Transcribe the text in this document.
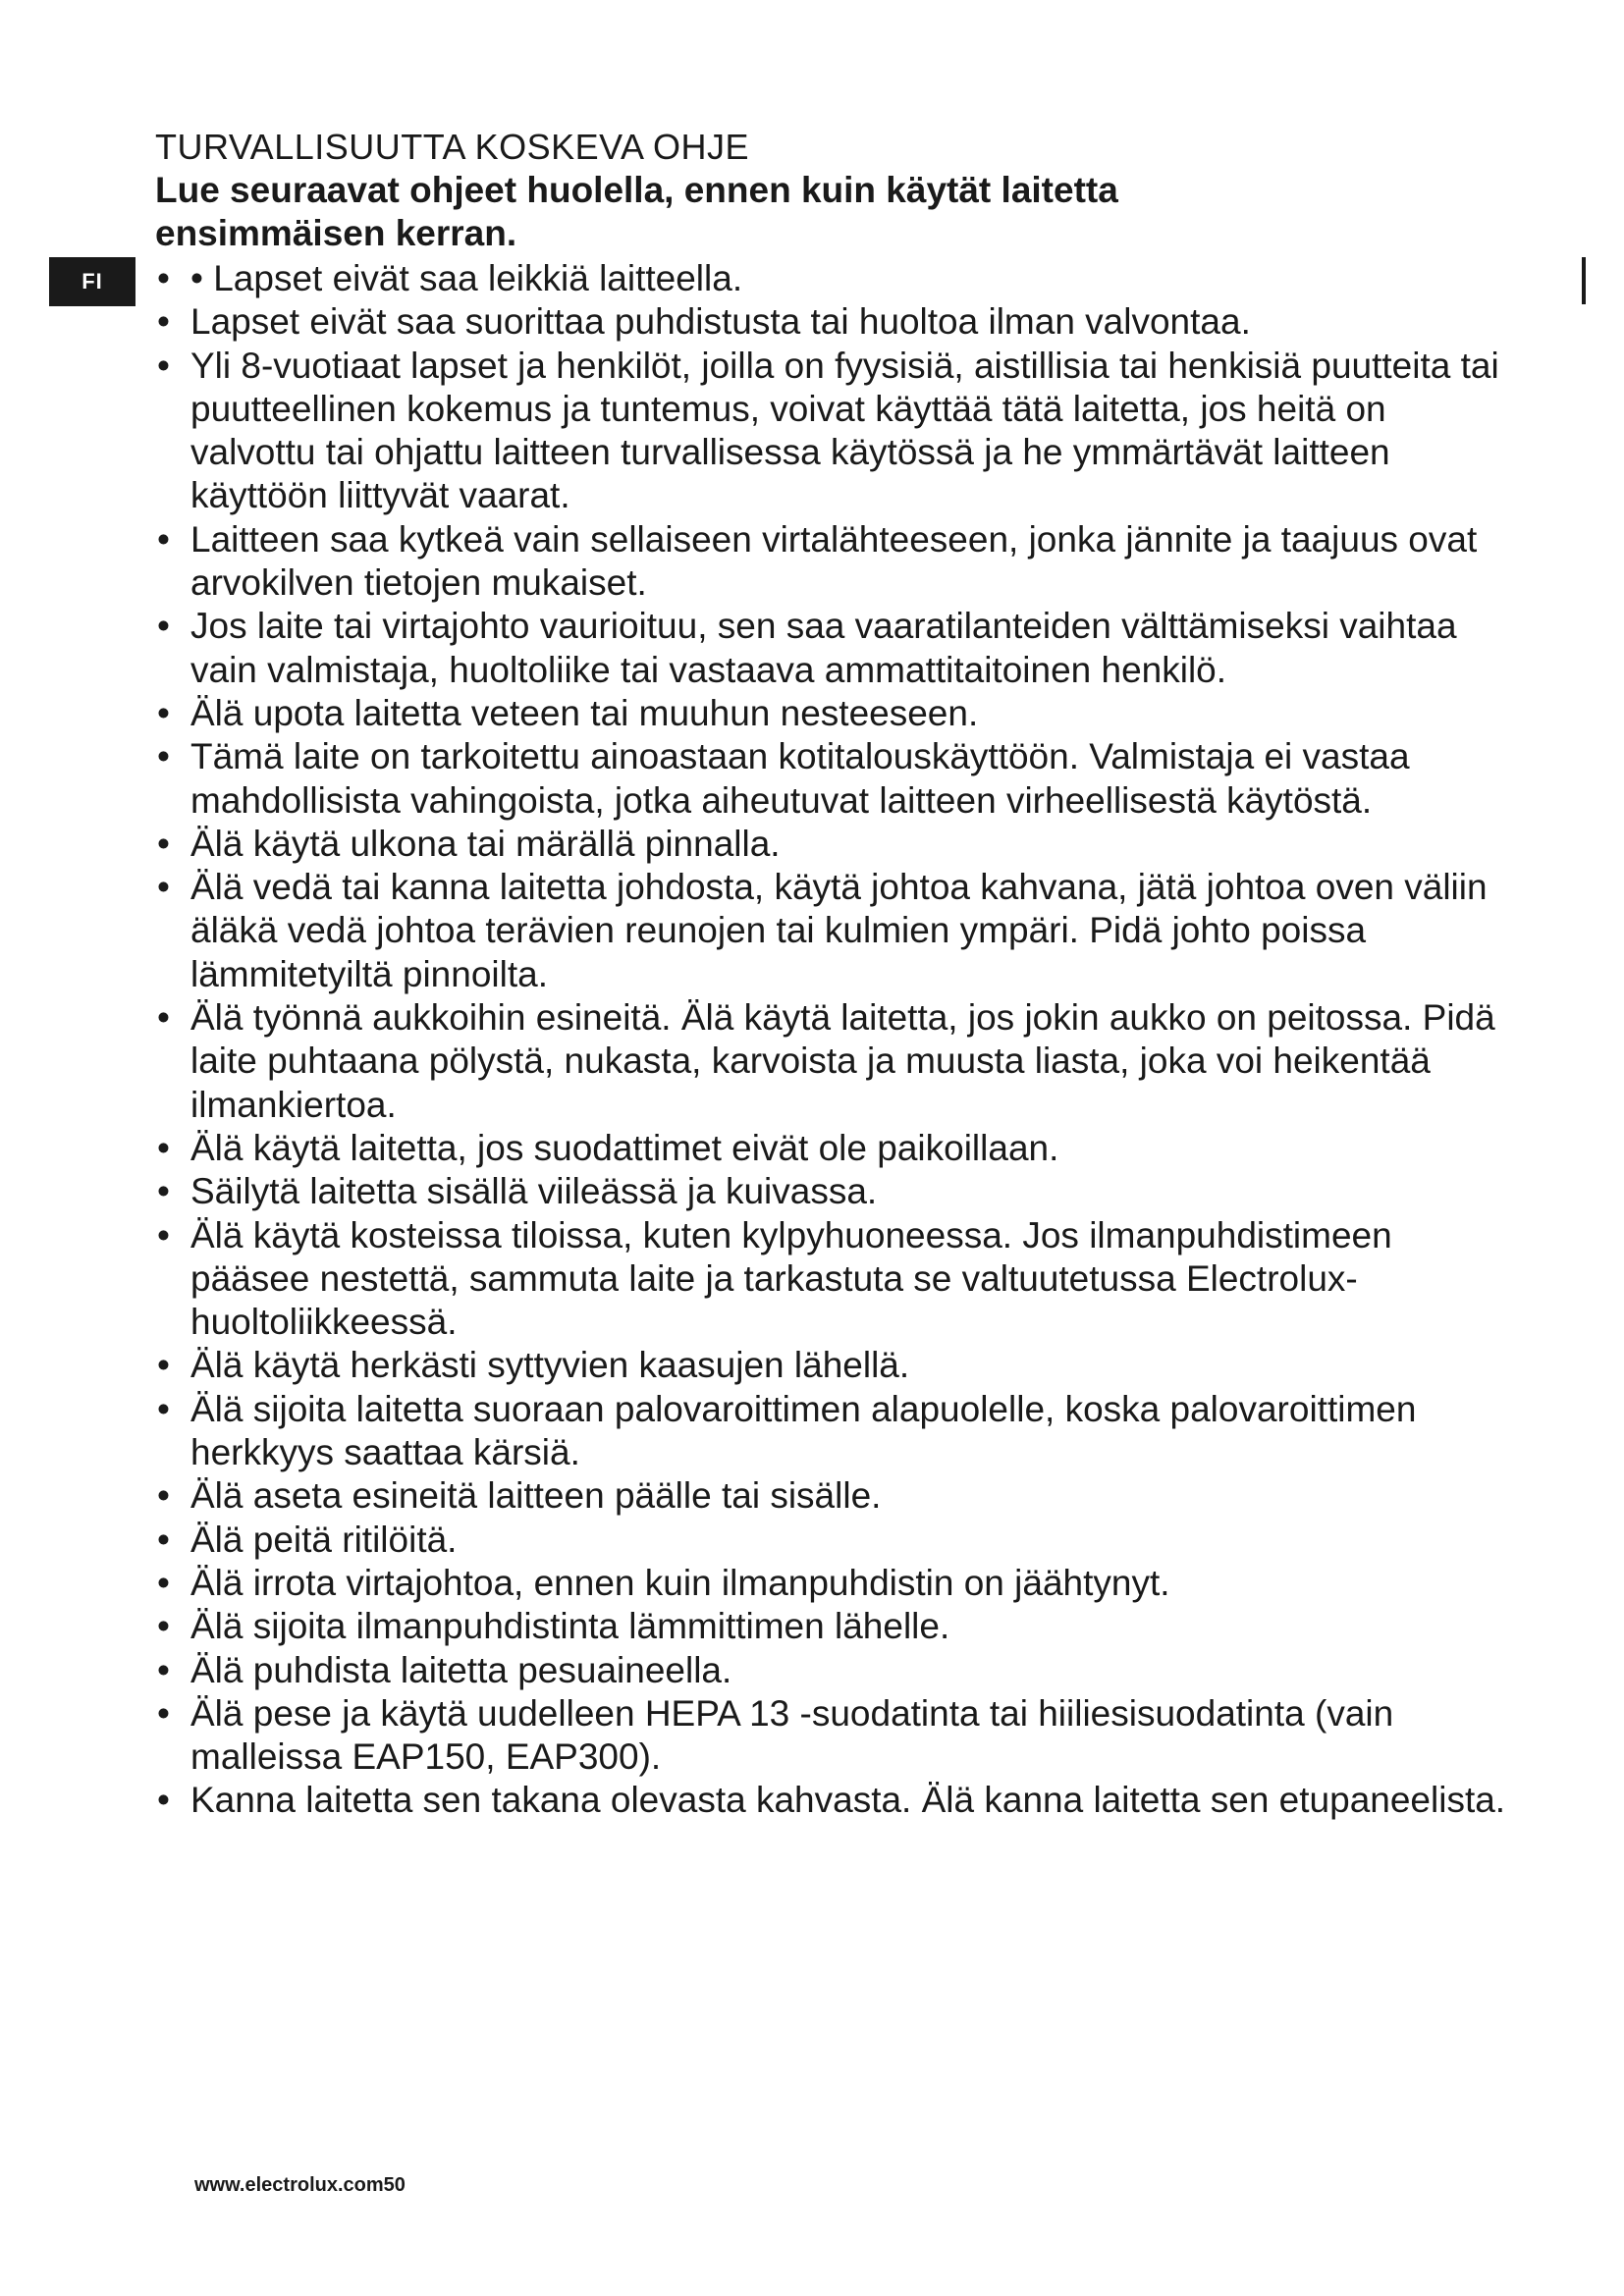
FI
TURVALLISUUTTA KOSKEVA OHJE

Lue seuraavat ohjeet huolella, ennen kuin käytät laitetta ensimmäisen kerran.

• • Lapset eivät saa leikkiä laitteella.
• Lapset eivät saa suorittaa puhdistusta tai huoltoa ilman valvontaa.
• Yli 8-vuotiaat lapset ja henkilöt, joilla on fyysisiä, aistillisia tai henkisiä puutteita tai puutteellinen kokemus ja tuntemus, voivat käyttää tätä laitetta, jos heitä on valvottu tai ohjattu laitteen turvallisessa käytössä ja he ymmärtävät laitteen käyttöön liittyvät vaarat.
• Laitteen saa kytkeä vain sellaiseen virtalähteeseen, jonka jännite ja taajuus ovat arvokilven tietojen mukaiset.
• Jos laite tai virtajohto vaurioituu, sen saa vaaratilanteiden välttämiseksi vaihtaa vain valmistaja, huoltoliike tai vastaava ammattitaitoinen henkilö.
• Älä upota laitetta veteen tai muuhun nesteeseen.
• Tämä laite on tarkoitettu ainoastaan kotitalouskäyttöön. Valmistaja ei vastaa mahdollisista vahingoista, jotka aiheutuvat laitteen virheellisestä käytöstä.
• Älä käytä ulkona tai märällä pinnalla.
• Älä vedä tai kanna laitetta johdosta, käytä johtoa kahvana, jätä johtoa oven väliin äläkä vedä johtoa terävien reunojen tai kulmien ympäri. Pidä johto poissa lämmitetyiltä pinnoilta.
• Älä työnnä aukkoihin esineitä. Älä käytä laitetta, jos jokin aukko on peitossa. Pidä laite puhtaana pölystä, nukasta, karvoista ja muusta liasta, joka voi heikentää ilmankiertoa.
• Älä käytä laitetta, jos suodattimet eivät ole paikoillaan.
• Säilytä laitetta sisällä viileässä ja kuivassa.
• Älä käytä kosteissa tiloissa, kuten kylpyhuoneessa. Jos ilmanpuhdistimeen pääsee nestettä, sammuta laite ja tarkastuta se valtuutetussa Electrolux-huoltoliikkeessä.
• Älä käytä herkästi syttyvien kaasujen lähellä.
• Älä sijoita laitetta suoraan palovaroittimen alapuolelle, koska palovaroittimen herkkyys saattaa kärsiä.
• Älä aseta esineitä laitteen päälle tai sisälle.
• Älä peitä ritilöitä.
• Älä irrota virtajohtoa, ennen kuin ilmanpuhdistin on jäähtynyt.
• Älä sijoita ilmanpuhdistinta lämmittimen lähelle.
• Älä puhdista laitetta pesuaineella.
• Älä pese ja käytä uudelleen HEPA 13 -suodatinta tai hiiliesisuodatinta (vain malleissa EAP150, EAP300).
• Kanna laitetta sen takana olevasta kahvasta. Älä kanna laitetta sen etupaneelista.
www.electrolux.com50
